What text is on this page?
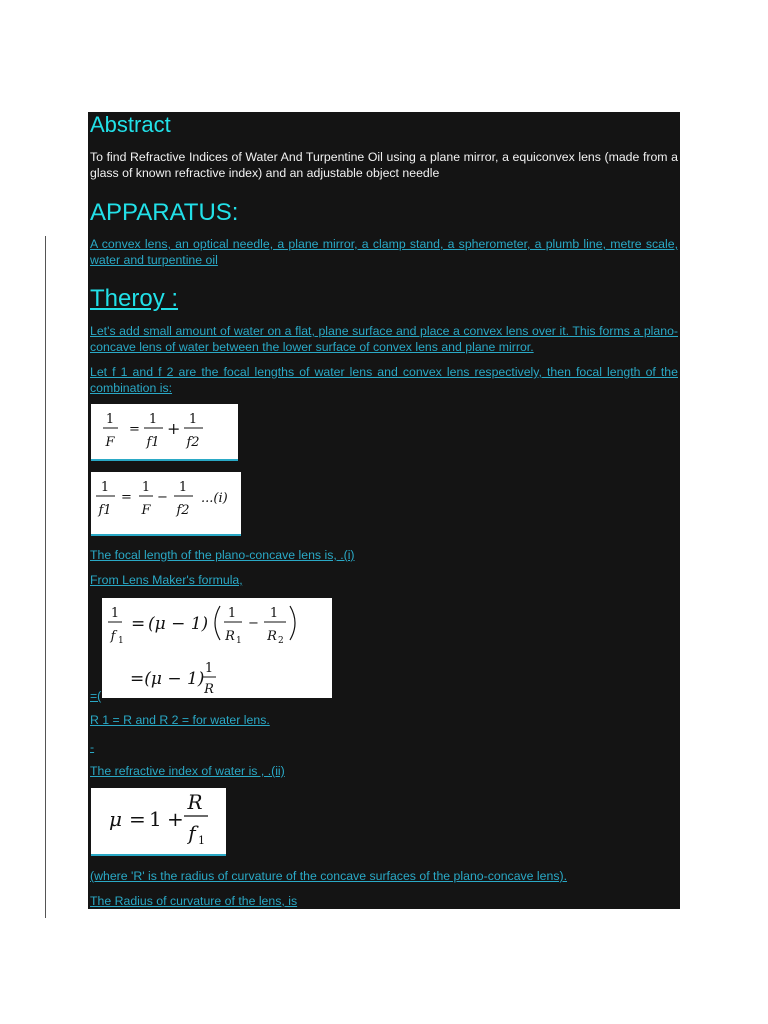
Abstract
To find Refractive Indices of Water And Turpentine Oil using a plane mirror, a equiconvex lens (made from a glass of known refractive index) and an adjustable object needle
APPARATUS:
A convex lens, an optical needle, a plane mirror, a clamp stand, a spherometer, a plumb line, metre scale, water and turpentine oil
Theroy :
Let's add small amount of water on a flat, plane surface and place a convex lens over it. This forms a plano-concave lens of water between the lower surface of convex lens and plane mirror.
Let f 1 and f 2 are the focal lengths of water lens and convex lens respectively, then focal length of the combination is:
1
F
=
1
f1
+ 1
f2
1
f1
=
1
F
−
1
f2
...(i)
The focal length of the plano-concave lens is, .(i)
From Lens Maker's formula,
1
f 1
= (μ − 1)
1
R 1
−
1
R 2
=(μ − 1)
1
R
=(
R 1 = R and R 2 = for water lens.
-
The refractive index of water is , .(ii)
μ = 1 +
R
f 1
(where 'R' is the radius of curvature of the concave surfaces of the plano-concave lens).
The Radius of curvature of the lens, is
